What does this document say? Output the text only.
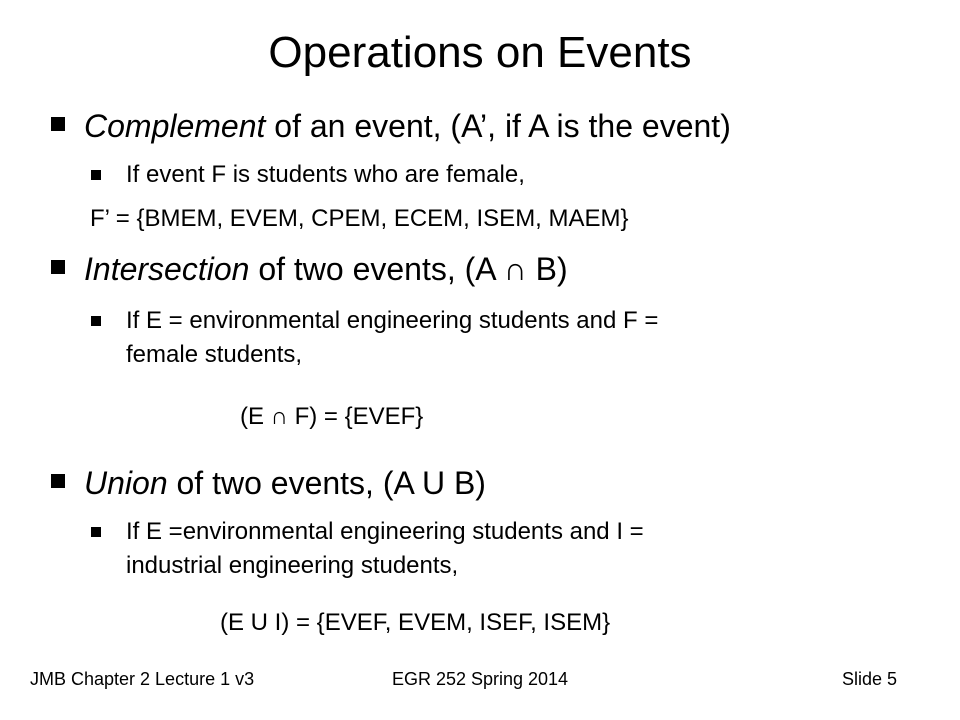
Operations on Events
Complement of an event, (A’, if A is the event)
If event F is students who are female,
F’ = {BMEM, EVEM, CPEM, ECEM, ISEM, MAEM}
Intersection of two events, (A ∩ B)
If E = environmental engineering students and F =
female students,
(E ∩ F) = {EVEF}
Union of two events, (A U B)
If E =environmental engineering students and I =
industrial engineering students,
(E U I) = {EVEF, EVEM, ISEF, ISEM}
JMB Chapter 2 Lecture 1 v3	EGR 252 Spring 2014	Slide 5
